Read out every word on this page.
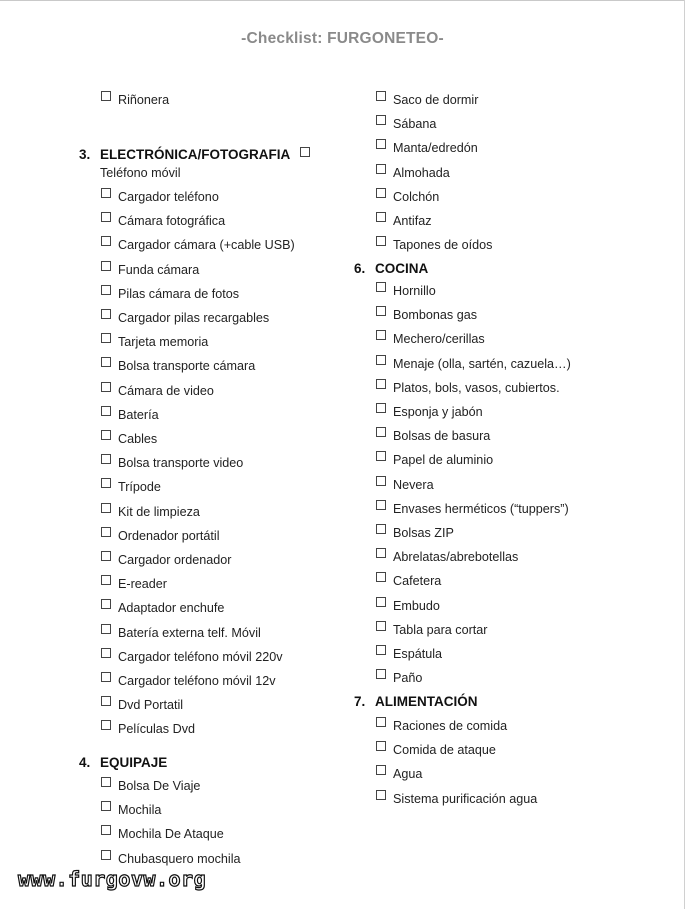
-Checklist: FURGONETEO-
Riñonera
3. ELECTRÓNICA/FOTOGRAFIA
Teléfono móvil
Cargador teléfono
Cámara fotográfica
Cargador cámara (+cable USB)
Funda cámara
Pilas cámara de fotos
Cargador pilas recargables
Tarjeta memoria
Bolsa transporte cámara
Cámara de video
Batería
Cables
Bolsa transporte video
Trípode
Kit de limpieza
Ordenador portátil
Cargador ordenador
E-reader
Adaptador enchufe
Batería externa telf. Móvil
Cargador teléfono móvil 220v
Cargador teléfono móvil 12v
Dvd Portatil
Películas Dvd
4. EQUIPAJE
Bolsa De Viaje
Mochila
Mochila De Ataque
Chubasquero mochila
Saco de dormir
Sábana
Manta/edredón
Almohada
Colchón
Antifaz
Tapones de oídos
6. COCINA
Hornillo
Bombonas gas
Mechero/cerillas
Menaje (olla, sartén, cazuela…)
Platos, bols, vasos, cubiertos.
Esponja y jabón
Bolsas de basura
Papel de aluminio
Nevera
Envases herméticos (“tuppers”)
Bolsas ZIP
Abrelatas/abrebotellas
Cafetera
Embudo
Tabla para cortar
Espátula
Paño
7. ALIMENTACIÓN
Raciones de comida
Comida de ataque
Agua
Sistema purificación agua
www.furgovw.org
